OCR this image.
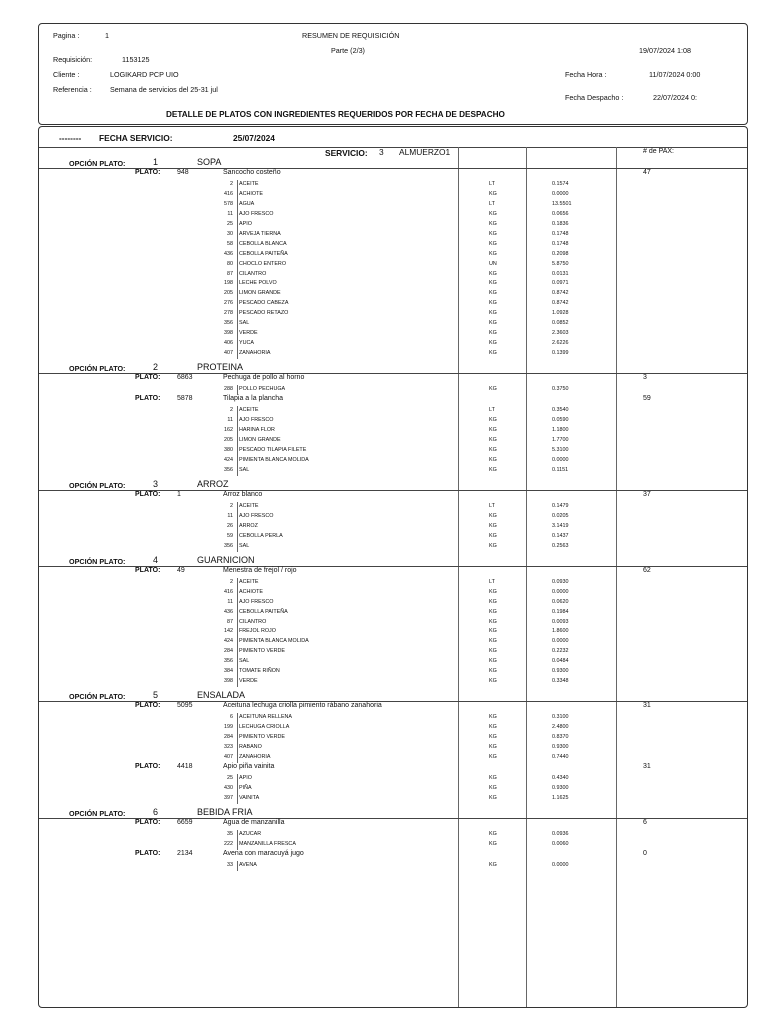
Pagina :	1	RESUMEN DE REQUISICIÓN
Parte (2/3)	19/07/2024 1:08
Requisición:	1153125
Cliente :	LOGIKARD PCP UIO	Fecha Hora :	11/07/2024 0:00
Referencia :	Semana de servicios del 25-31 jul
Fecha Despacho :	22/07/2024 0:
DETALLE DE PLATOS CON INGREDIENTES REQUERIDOS POR FECHA DE DESPACHO
-------- FECHA SERVICIO:	25/07/2024
SERVICIO: 3 ALMUERZO1	# de PAX:
OPCIÓN PLATO:	1	SOPA
PLATO: 948	Sancocho costeño	47
2 ACEITE	LT	0.1574
416 ACHIOTE	KG	0.0000
578 AGUA	LT	13.5501
11 AJO FRESCO	KG	0.0656
25 APIO	KG	0.1836
30 ARVEJA TIERNA	KG	0.1748
58 CEBOLLA BLANCA	KG	0.1748
436 CEBOLLA PAITEÑA	KG	0.2098
80 CHOCLO ENTERO	UN	5.8750
87 CILANTRO	KG	0.0131
198 LECHE POLVO	KG	0.0971
205 LIMON GRANDE	KG	0.8742
276 PESCADO CABEZA	KG	0.8742
278 PESCADO RETAZO	KG	1.0928
356 SAL	KG	0.0852
398 VERDE	KG	2.3603
406 YUCA	KG	2.6226
407 ZANAHORIA	KG	0.1399
OPCIÓN PLATO:	2	PROTEINA
PLATO: 6863	Pechuga de pollo al horno	3
288 POLLO PECHUGA	KG	0.3750
PLATO: 5878	Tilapia a la plancha	59
2 ACEITE	LT	0.3540
11 AJO FRESCO	KG	0.0590
162 HARINA FLOR	KG	1.1800
205 LIMON GRANDE	KG	1.7700
380 PESCADO TILAPIA FILETE	KG	5.3100
424 PIMIENTA BLANCA MOLIDA	KG	0.0000
356 SAL	KG	0.1151
OPCIÓN PLATO:	3	ARROZ
PLATO: 1	Arroz blanco	37
2 ACEITE	LT	0.1479
11 AJO FRESCO	KG	0.0205
26 ARROZ	KG	3.1419
59 CEBOLLA PERLA	KG	0.1437
356 SAL	KG	0.2563
OPCIÓN PLATO:	4	GUARNICION
PLATO: 49	Menestra de frejol / rojo	62
2 ACEITE	LT	0.0930
416 ACHIOTE	KG	0.0000
11 AJO FRESCO	KG	0.0620
436 CEBOLLA PAITEÑA	KG	0.1984
87 CILANTRO	KG	0.0093
142 FREJOL ROJO	KG	1.8600
424 PIMIENTA BLANCA MOLIDA	KG	0.0000
284 PIMIENTO VERDE	KG	0.2232
356 SAL	KG	0.0484
384 TOMATE RIÑON	KG	0.9300
398 VERDE	KG	0.3348
OPCIÓN PLATO:	5	ENSALADA
PLATO: 5095	Aceituna lechuga criolla pimiento rábano zanahoria	31
6 ACEITUNA RELLENA	KG	0.3100
199 LECHUGA CRIOLLA	KG	2.4800
284 PIMIENTO VERDE	KG	0.8370
323 RABANO	KG	0.9300
407 ZANAHORIA	KG	0.7440
PLATO: 4418	Apio piña vainita	31
25 APIO	KG	0.4340
430 PIÑA	KG	0.9300
397 VAINITA	KG	1.1625
OPCIÓN PLATO:	6	BEBIDA FRIA
PLATO: 6659	Agua de manzanilla	6
35 AZUCAR	KG	0.0936
222 MANZANILLA FRESCA	KG	0.0060
PLATO: 2134	Avena con maracuyá jugo	0
33 AVENA	KG	0.0000
